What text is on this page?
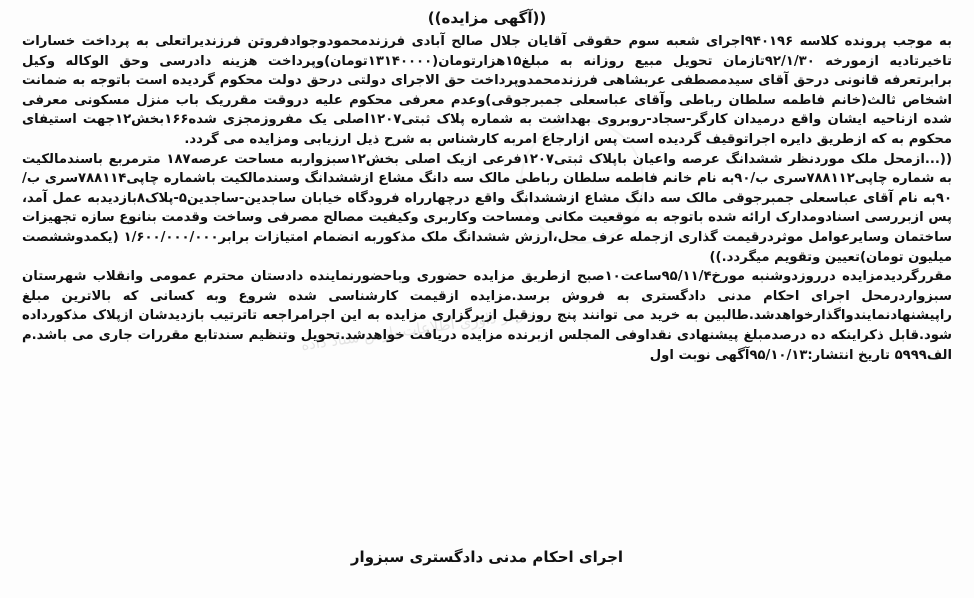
مرکز داوری اطلاعات پارس ستاد داده
((آگهی مزایده))

به موجب پرونده کلاسه ۹۴۰۱۹۶اجرای شعبه سوم حقوقی آقایان جلال صالح آبادی فرزندمحمودوجوادفروتن فرزندیراتعلی به پرداخت خسارات تاخیرتادیه ازمورخه ۹۲/۱/۳۰تازمان تحویل مبیع روزانه به مبلغ۱۵هزارتومان(۱۳۱۴۰۰۰۰تومان)وپرداخت هزینه دادرسی وحق الوکاله وکیل برابرتعرفه قانونی درحق آقای سیدمصطفی عربشاهی فرزندمحمدوپرداخت حق الاجرای دولتی درحق دولت محکوم گردیده است باتوجه به ضمانت اشخاص ثالث(خانم فاطمه سلطان رباطی وآقای عباسعلی جمبرجوقی)وعدم معرفی محکوم علیه دروقت مقرریک باب منزل مسکونی معرفی شده ازناحیه ایشان واقع درمیدان کارگر-سجاد-روبروی بهداشت به شماره پلاک ثبتی۱۲۰۷اصلی یک مفروزمجزی شده۱۶۶بخش۱۲جهت استیفای محکوم به که ازطریق دایره اجراتوقیف گردیده است پس ازارجاع امربه کارشناس به شرح ذیل ارزیابی ومزایده می گردد.

((...ازمحل ملک موردنظر ششدانگ عرصه واعیان باپلاک ثبتی۱۲۰۷فرعی ازیک اصلی بخش۱۲سبزواربه مساحت عرصه۱۸۷ مترمربع باسندمالکیت به شماره چاپی۷۸۸۱۱۲سری ب/۹۰به نام خانم فاطمه سلطان رباطی مالک سه دانگ مشاع ازششدانگ وسندمالکیت باشماره چاپی۷۸۸۱۱۴سری ب/۹۰به نام آقای عباسعلی جمبرجوقی مالک سه دانگ مشاع ازششدانگ واقع درچهارراه فرودگاه خیابان ساجدین-ساجدین۵-پلاک۸بازدیدبه عمل آمد، پس ازبررسی اسنادومدارک ارائه شده باتوجه به موقعیت مکانی ومساحت وکاربری وکیفیت مصالح مصرفی وساخت وقدمت بنانوع سازه تجهیزات ساختمان وسایرعوامل موثردرقیمت گذاری ازجمله عرف محل،ارزش ششدانگ ملک مذکوربه انضمام امتیازات برابر۱/۶۰۰/۰۰۰/۰۰۰ (یکمدوششصت میلیون تومان)تعیین وتقویم میگردد.))

مقررگردیدمزایده درروزدوشنبه مورخ۹۵/۱۱/۴ساعت۱۰صبح ازطریق مزایده حضوری وباحضورنماینده دادستان محترم عمومی وانقلاب شهرستان سبزواردرمحل اجرای احکام مدنی دادگستری به فروش برسد.مزایده ازقیمت کارشناسی شده شروع وبه کسانی که بالاترین مبلغ راپیشنهادنمایندواگذارخواهدشد.طالبین به خرید می توانند پنج روزقبل ازبرگزاری مزایده به این اجرامراجعه تاترتیب بازدیدشان ازپلاک مذکورداده شود.قابل ذکراینکه ده درصدمبلغ پیشنهادی نقداوفی المجلس ازبرنده مزایده دریافت خواهدشد.تحویل وتنظیم سندتابع مقررات جاری می باشد.م الف۵۹۹۹ تاریخ انتشار:۹۵/۱۰/۱۳آگهی نوبت اول

اجرای احکام مدنی دادگستری سبزوار
